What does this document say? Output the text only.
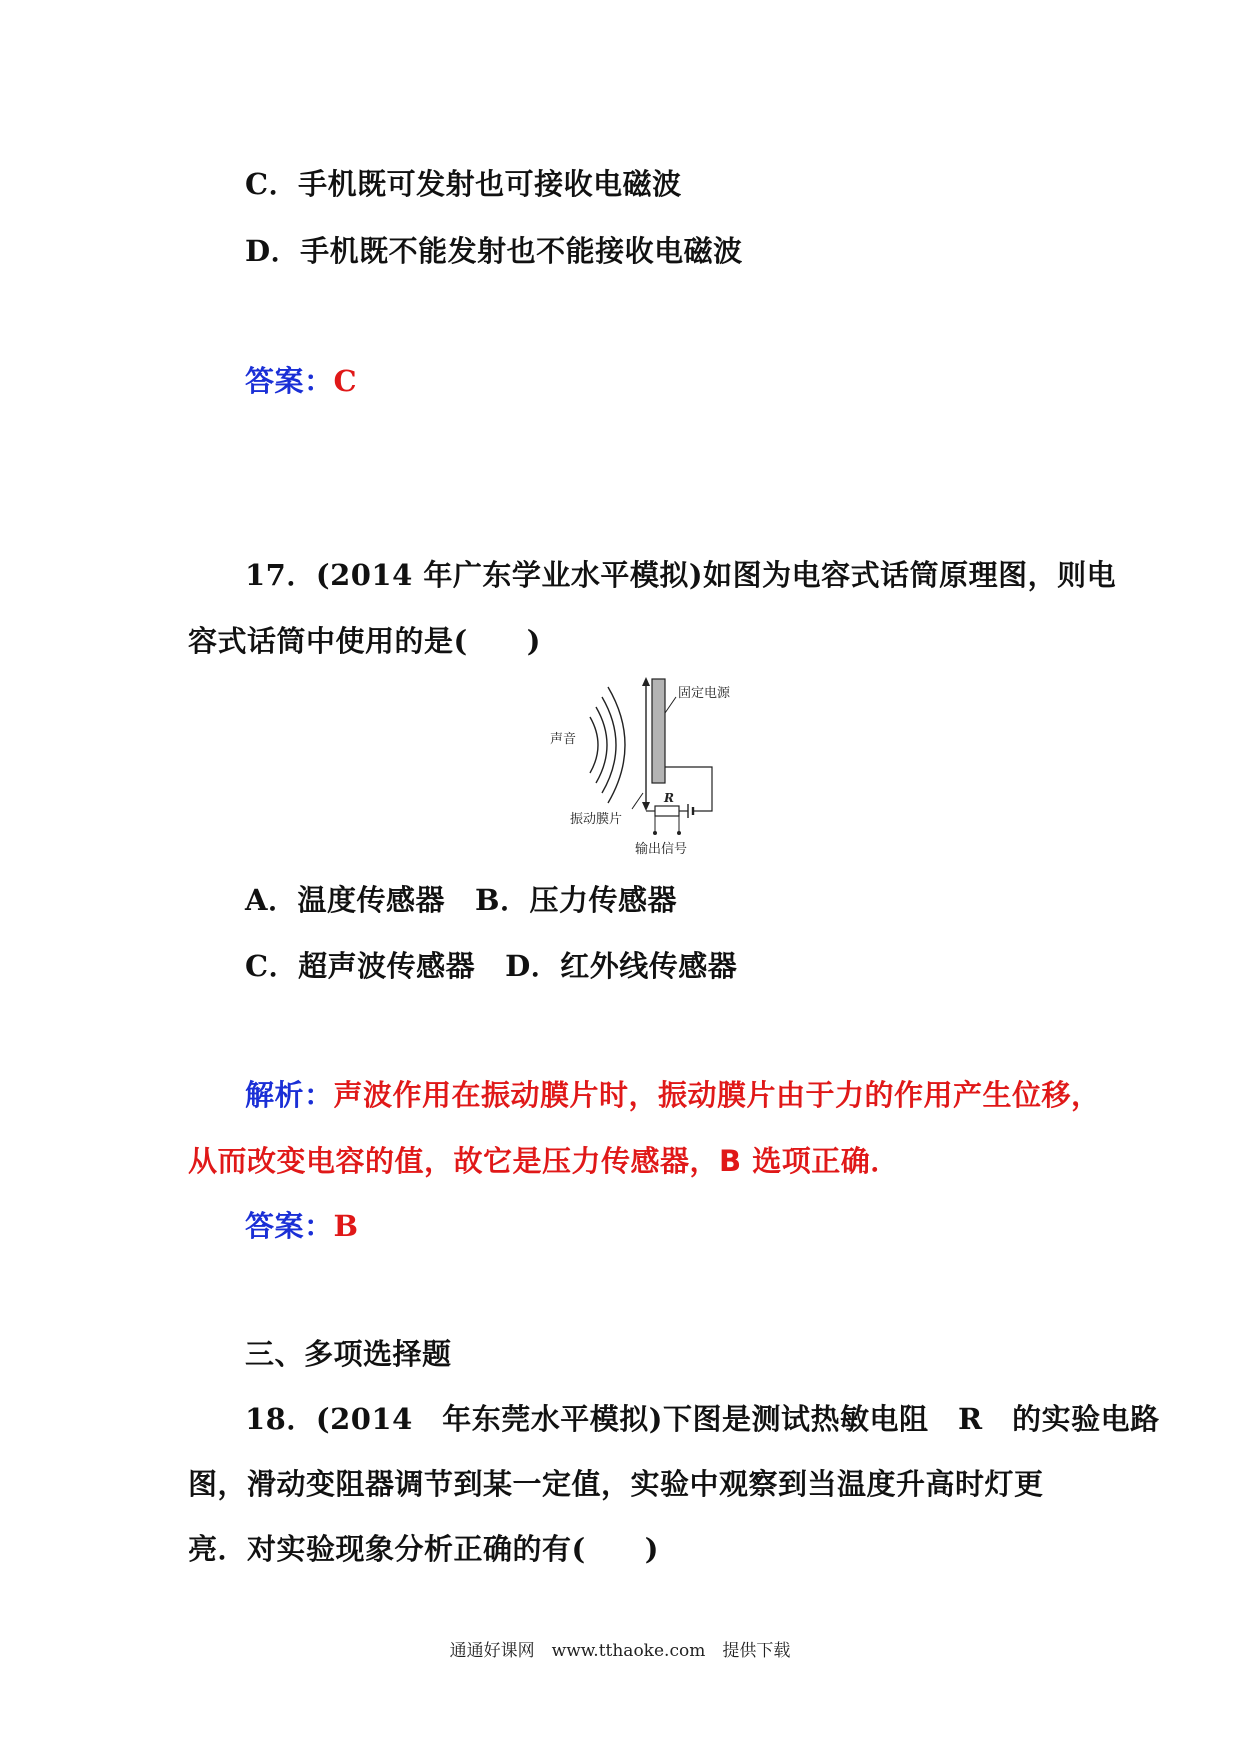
C．手机既可发射也可接收电磁波
D．手机既不能发射也不能接收电磁波
答案：C
17．(2014 年广东学业水平模拟)如图为电容式话筒原理图，则电
容式话筒中使用的是(　　)
声音
固定电源
振动膜片
R
输出信号
A．温度传感器 B．压力传感器
C．超声波传感器 D．红外线传感器
解析：声波作用在振动膜片时，振动膜片由于力的作用产生位移，
从而改变电容的值，故它是压力传感器，B 选项正确．
答案：B
三、多项选择题
18．(2014　年东莞水平模拟)下图是测试热敏电阻　R　的实验电路
图，滑动变阻器调节到某一定值，实验中观察到当温度升高时灯更
亮．对实验现象分析正确的有(　　)
通通好课网　www.tthaoke.com　提供下载
